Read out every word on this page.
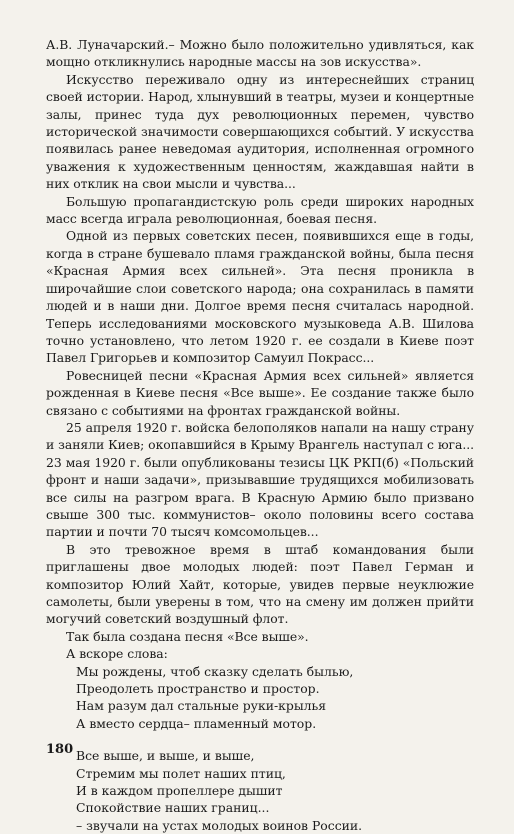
А.В. Луначарский.– Можно было положительно удивляться, как мощно откликнулись народные массы на зов искусства».

Искусство переживало одну из интереснейших страниц своей истории. Народ, хлынувший в театры, музеи и концертные залы, принес туда дух революционных перемен, чувство исторической значимости совершающихся событий. У искусства появилась ранее неведомая аудитория, исполненная огромного уважения к художественным ценностям, жаждавшая найти в них отклик на свои мысли и чувства...

Большую пропагандистскую роль среди широких народных масс всегда играла революционная, боевая песня.

Одной из первых советских песен, появившихся еще в годы, когда в стране бушевало пламя гражданской войны, была песня «Красная Армия всех сильней». Эта песня проникла в широчайшие слои советского народа; она сохранилась в памяти людей и в наши дни. Долгое время песня считалась народной. Теперь исследованиями московского музыковеда А.В. Шилова точно установлено, что летом 1920 г. ее создали в Киеве поэт Павел Григорьев и композитор Самуил Покрасс...

Ровесницей песни «Красная Армия всех сильней» является рожденная в Киеве песня «Все выше». Ее создание также было связано с событиями на фронтах гражданской войны.

25 апреля 1920 г. войска белополяков напали на нашу страну и заняли Киев; окопавшийся в Крыму Врангель наступал с юга... 23 мая 1920 г. были опубликованы тезисы ЦК РКП(б) «Польский фронт и наши задачи», призывавшие трудящихся мобилизовать все силы на разгром врага. В Красную Армию было призвано свыше 300 тыс. коммунистов– около половины всего состава партии и почти 70 тысяч комсомольцев...

В это тревожное время в штаб командования были приглашены двое молодых людей: поэт Павел Герман и композитор Юлий Хайт, которые, увидев первые неуклюжие самолеты, были уверены в том, что на смену им должен прийти могучий советский воздушный флот.

Так была создана песня «Все выше».

А вскоре слова:

Мы рождены, чтоб сказку сделать былью,
Преодолеть пространство и простор.
Нам разум дал стальные руки-крылья
А вместо сердца– пламенный мотор.
Все выше, и выше, и выше,
Стремим мы полет наших птиц,
И в каждом пропеллере дышит
Спокойствие наших границ...
– звучали на устах молодых воинов России.
180
